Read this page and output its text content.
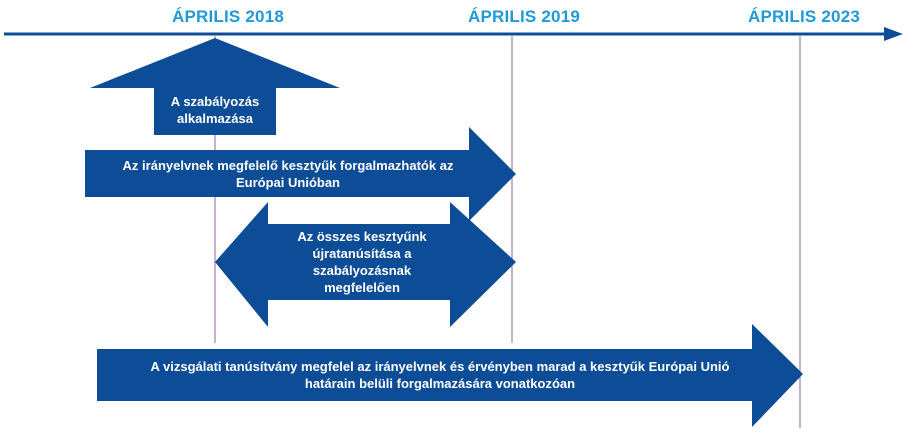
ÁPRILIS 2018	ÁPRILIS 2019	ÁPRILIS 2023
A szabályozás
alkalmazása
Az irányelvnek megfelelő kesztyűk forgalmazhatók az
Európai Unióban
Az összes kesztyűnk
újratanúsítása a szabályozásnak
megfelelően
A vizsgálati tanúsítvány megfelel az irányelvnek és érvényben marad a kesztyűk Európai Unió
határain belüli forgalmazására vonatkozóan
